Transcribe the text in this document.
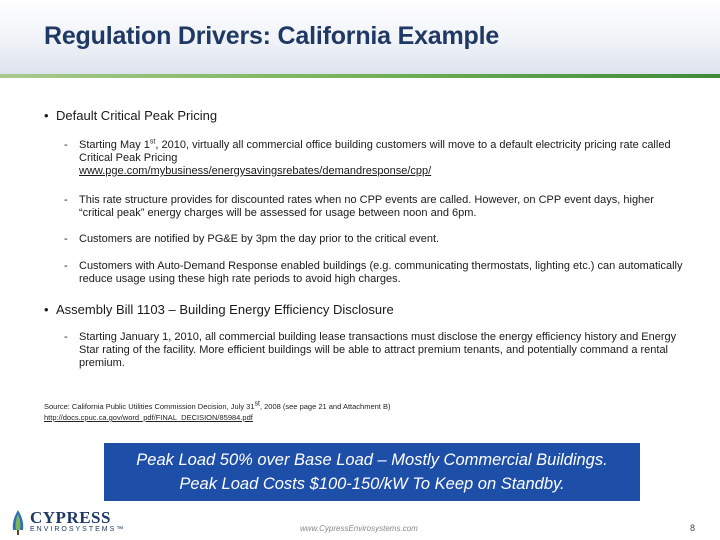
Regulation Drivers: California Example
• Default Critical Peak Pricing
- Starting May 1st, 2010, virtually all commercial office building customers will move to a default electricity pricing rate called Critical Peak Pricing
www.pge.com/mybusiness/energysavingsrebates/demandresponse/cpp/
- This rate structure provides for discounted rates when no CPP events are called. However, on CPP event days, higher “critical peak” energy charges will be assessed for usage between noon and 6pm.
- Customers are notified by PG&E by 3pm the day prior to the critical event.
- Customers with Auto-Demand Response enabled buildings (e.g. communicating thermostats, lighting etc.) can automatically reduce usage using these high rate periods to avoid high charges.
• Assembly Bill 1103 – Building Energy Efficiency Disclosure
- Starting January 1, 2010, all commercial building lease transactions must disclose the energy efficiency history and Energy Star rating of the facility. More efficient buildings will be able to attract premium tenants, and potentially command a rental premium.
Source: California Public Utilities Commission Decision, July 31st, 2008 (see page 21 and Attachment B)
http://docs.cpuc.ca.gov/word_pdf/FINAL_DECISION/85984.pdf
Peak Load 50% over Base Load – Mostly Commercial Buildings.
Peak Load Costs $100-150/kW To Keep on Standby.
CYPRESS
ENVIROSYSTEMS™	www.CypressEnvirosystems.com	8
